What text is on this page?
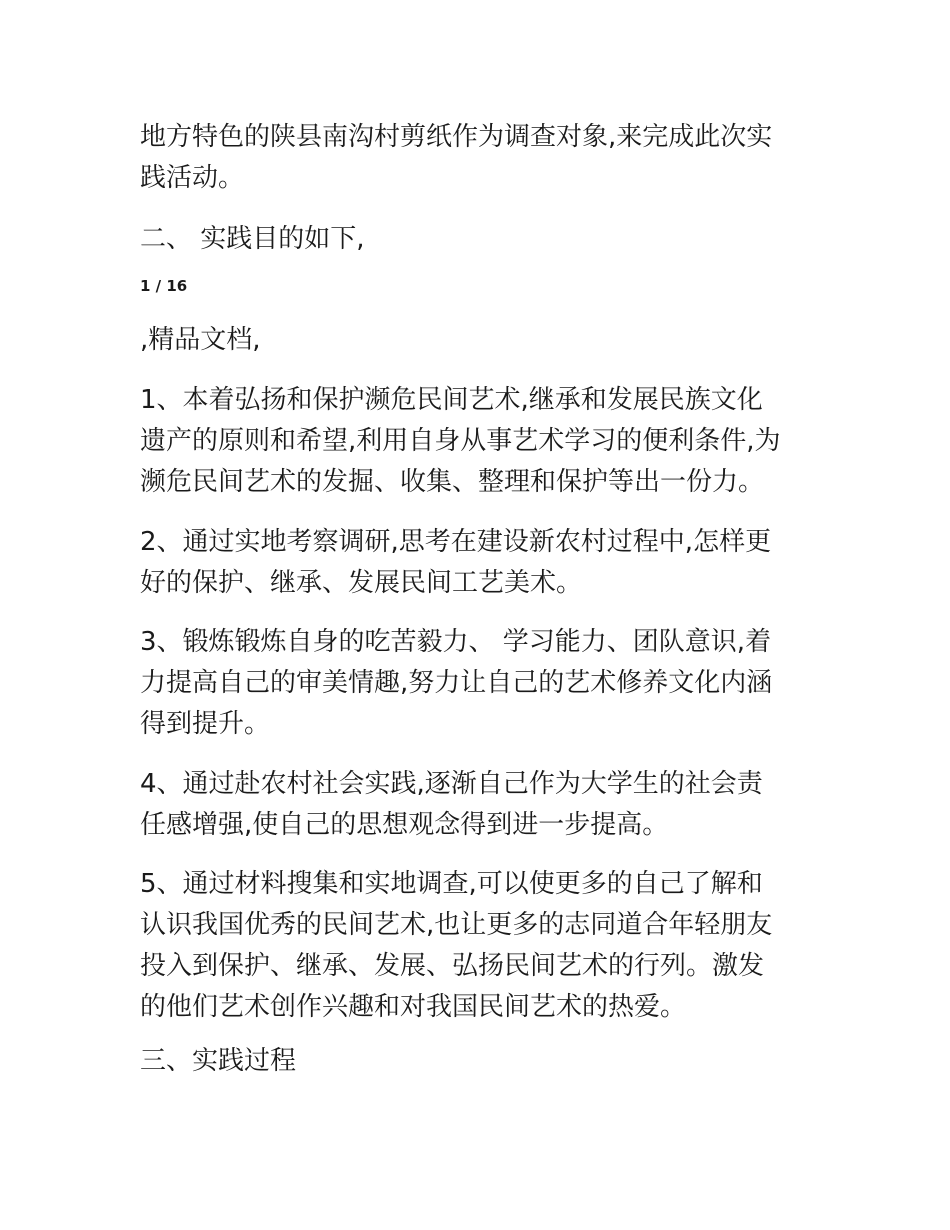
地方特色的陕县南沟村剪纸作为调查对象,来完成此次实
践活动。

二、 实践目的如下,

1 / 16

,精品文档,

1、本着弘扬和保护濒危民间艺术,继承和发展民族文化
遗产的原则和希望,利用自身从事艺术学习的便利条件,为
濒危民间艺术的发掘、收集、整理和保护等出一份力。

2、通过实地考察调研,思考在建设新农村过程中,怎样更
好的保护、继承、发展民间工艺美术。

3、锻炼锻炼自身的吃苦毅力、 学习能力、团队意识,着
力提高自己的审美情趣,努力让自己的艺术修养文化内涵
得到提升。

4、通过赴农村社会实践,逐渐自己作为大学生的社会责
任感增强,使自己的思想观念得到进一步提高。

5、通过材料搜集和实地调查,可以使更多的自己了解和
认识我国优秀的民间艺术,也让更多的志同道合年轻朋友
投入到保护、继承、发展、弘扬民间艺术的行列。激发
的他们艺术创作兴趣和对我国民间艺术的热爱。

三、实践过程
